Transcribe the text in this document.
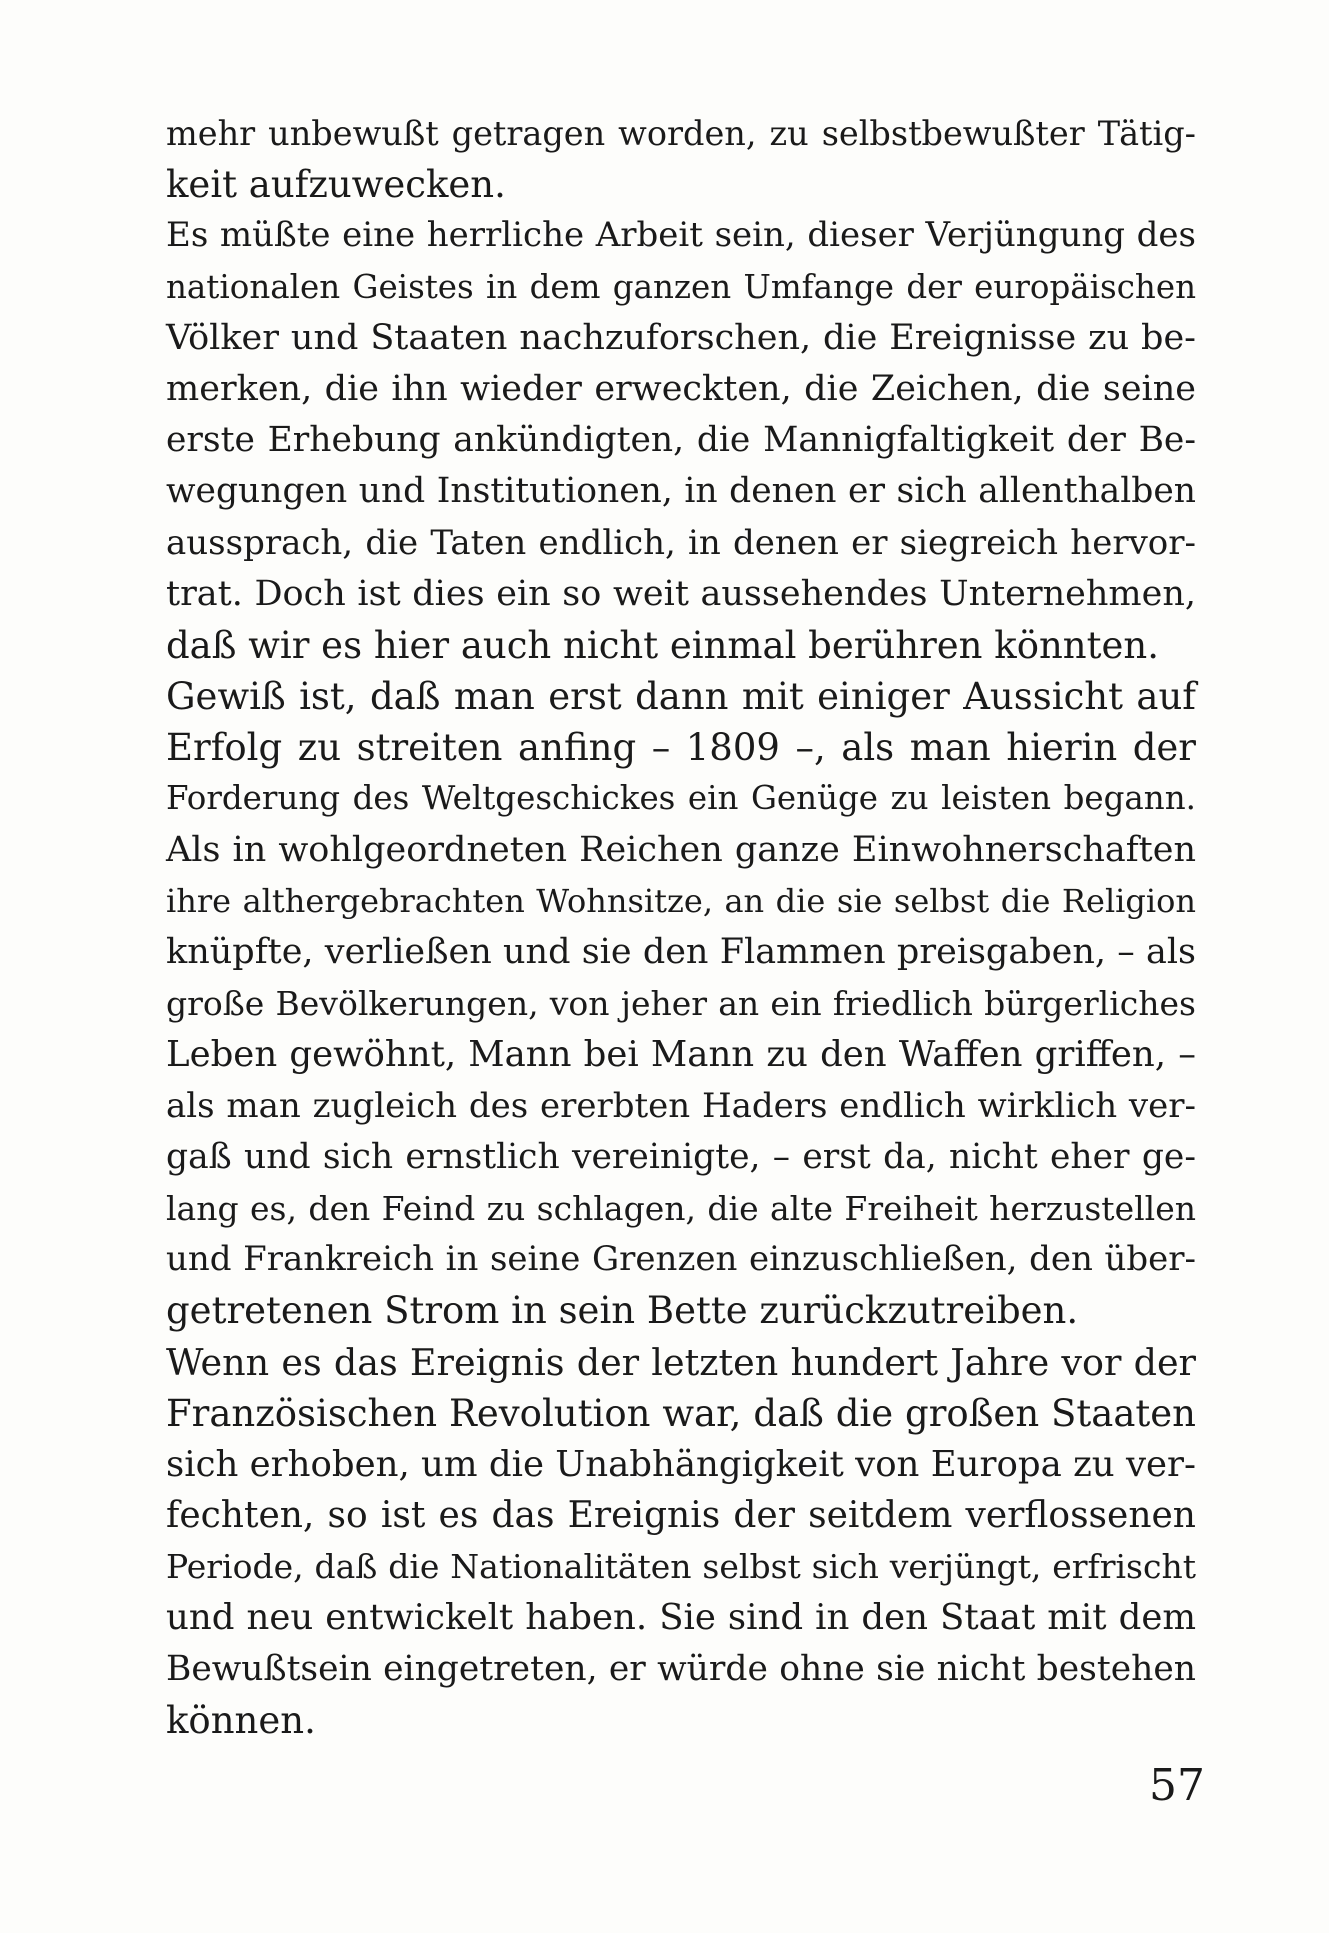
mehr unbewußt getragen worden, zu selbstbewußter Tätig-
keit aufzuwecken.
Es müßte eine herrliche Arbeit sein, dieser Verjüngung des
nationalen Geistes in dem ganzen Umfange der europäischen
Völker und Staaten nachzuforschen, die Ereignisse zu be-
merken, die ihn wieder erweckten, die Zeichen, die seine
erste Erhebung ankündigten, die Mannigfaltigkeit der Be-
wegungen und Institutionen, in denen er sich allenthalben
aussprach, die Taten endlich, in denen er siegreich hervor-
trat. Doch ist dies ein so weit aussehendes Unternehmen,
daß wir es hier auch nicht einmal berühren könnten.
Gewiß ist, daß man erst dann mit einiger Aussicht auf
Erfolg zu streiten anfing – 1809 –, als man hierin der
Forderung des Weltgeschickes ein Genüge zu leisten begann.
Als in wohlgeordneten Reichen ganze Einwohnerschaften
ihre althergebrachten Wohnsitze, an die sie selbst die Religion
knüpfte, verließen und sie den Flammen preisgaben, – als
große Bevölkerungen, von jeher an ein friedlich bürgerliches
Leben gewöhnt, Mann bei Mann zu den Waffen griffen, –
als man zugleich des ererbten Haders endlich wirklich ver-
gaß und sich ernstlich vereinigte, – erst da, nicht eher ge-
lang es, den Feind zu schlagen, die alte Freiheit herzustellen
und Frankreich in seine Grenzen einzuschließen, den über-
getretenen Strom in sein Bette zurückzutreiben.
Wenn es das Ereignis der letzten hundert Jahre vor der
Französischen Revolution war, daß die großen Staaten
sich erhoben, um die Unabhängigkeit von Europa zu ver-
fechten, so ist es das Ereignis der seitdem verflossenen
Periode, daß die Nationalitäten selbst sich verjüngt, erfrischt
und neu entwickelt haben. Sie sind in den Staat mit dem
Bewußtsein eingetreten, er würde ohne sie nicht bestehen
können.
57
